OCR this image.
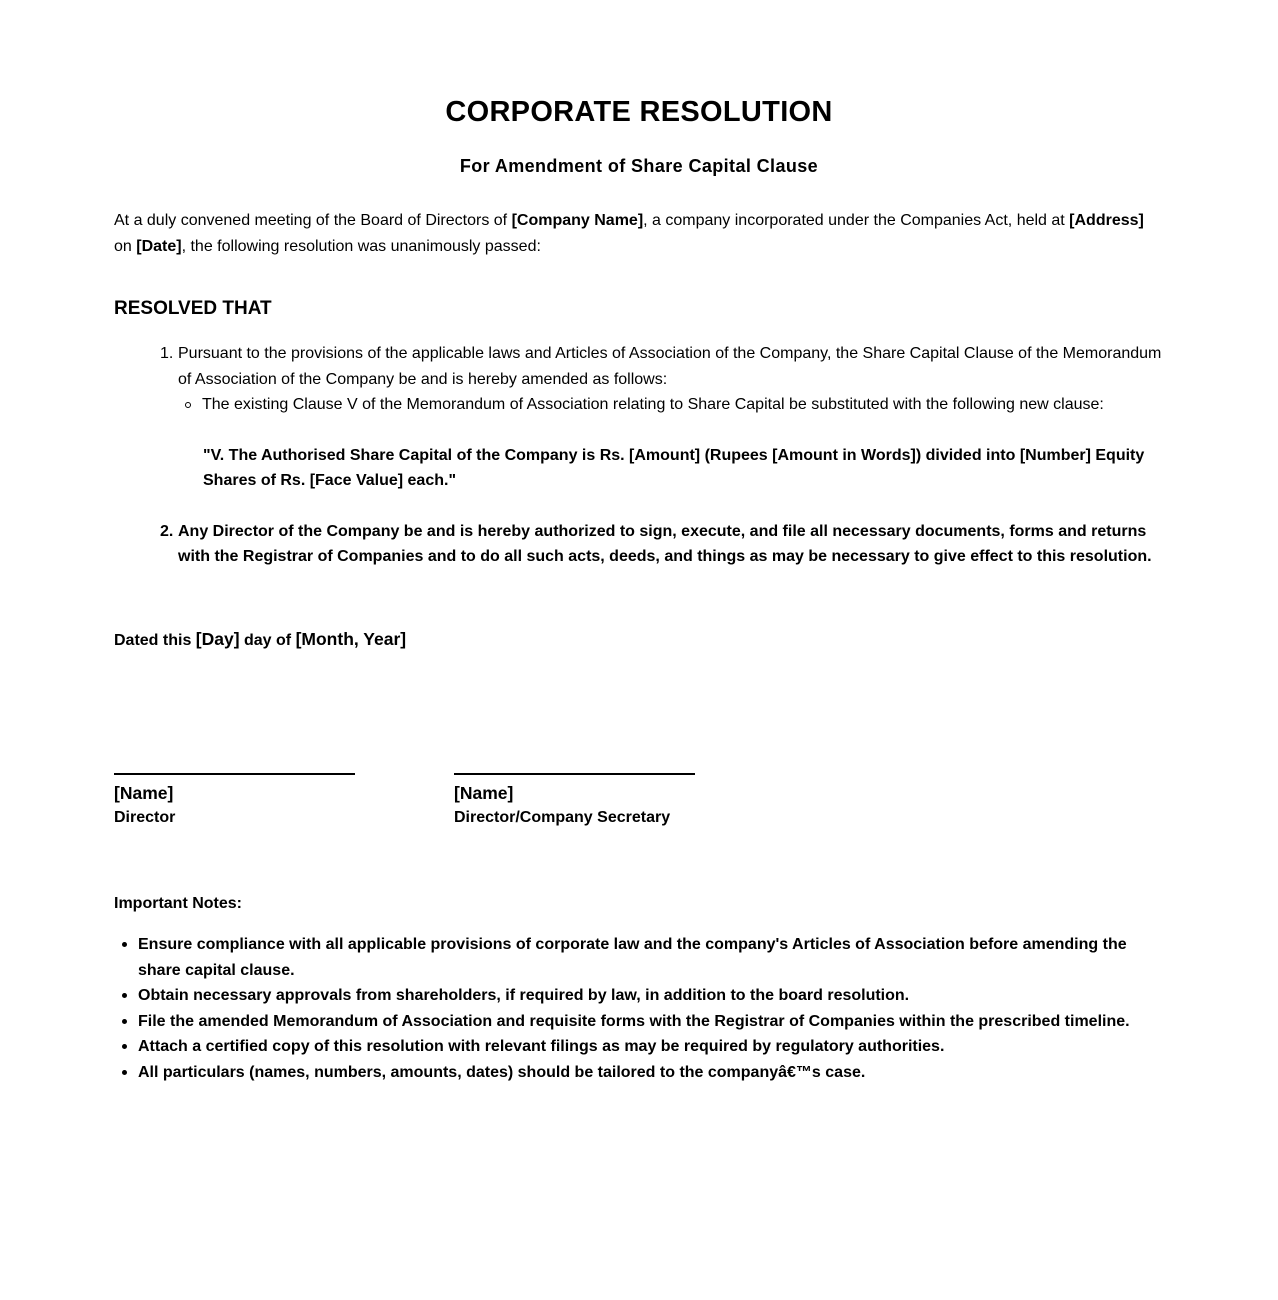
CORPORATE RESOLUTION
For Amendment of Share Capital Clause

At a duly convened meeting of the Board of Directors of [Company Name], a company incorporated under the Companies Act, held at [Address] on [Date], the following resolution was unanimously passed:

RESOLVED THAT
1. Pursuant to the provisions of the applicable laws and Articles of Association of the Company, the Share Capital Clause of the Memorandum of Association of the Company be and is hereby amended as follows:
The existing Clause V of the Memorandum of Association relating to Share Capital be substituted with the following new clause:
"V. The Authorised Share Capital of the Company is Rs. [Amount] (Rupees [Amount in Words]) divided into [Number] Equity Shares of Rs. [Face Value] each."
2. Any Director of the Company be and is hereby authorized to sign, execute, and file all necessary documents, forms and returns with the Registrar of Companies and to do all such acts, deeds, and things as may be necessary to give effect to this resolution.

Dated this [Day] day of [Month, Year]

[Name]
Director
[Name]
Director/Company Secretary
Important Notes:
Ensure compliance with all applicable provisions of corporate law and the company's Articles of Association before amending the share capital clause.
Obtain necessary approvals from shareholders, if required by law, in addition to the board resolution.
File the amended Memorandum of Association and requisite forms with the Registrar of Companies within the prescribed timeline.
Attach a certified copy of this resolution with relevant filings as may be required by regulatory authorities.
All particulars (names, numbers, amounts, dates) should be tailored to the companyâ€™s case.
